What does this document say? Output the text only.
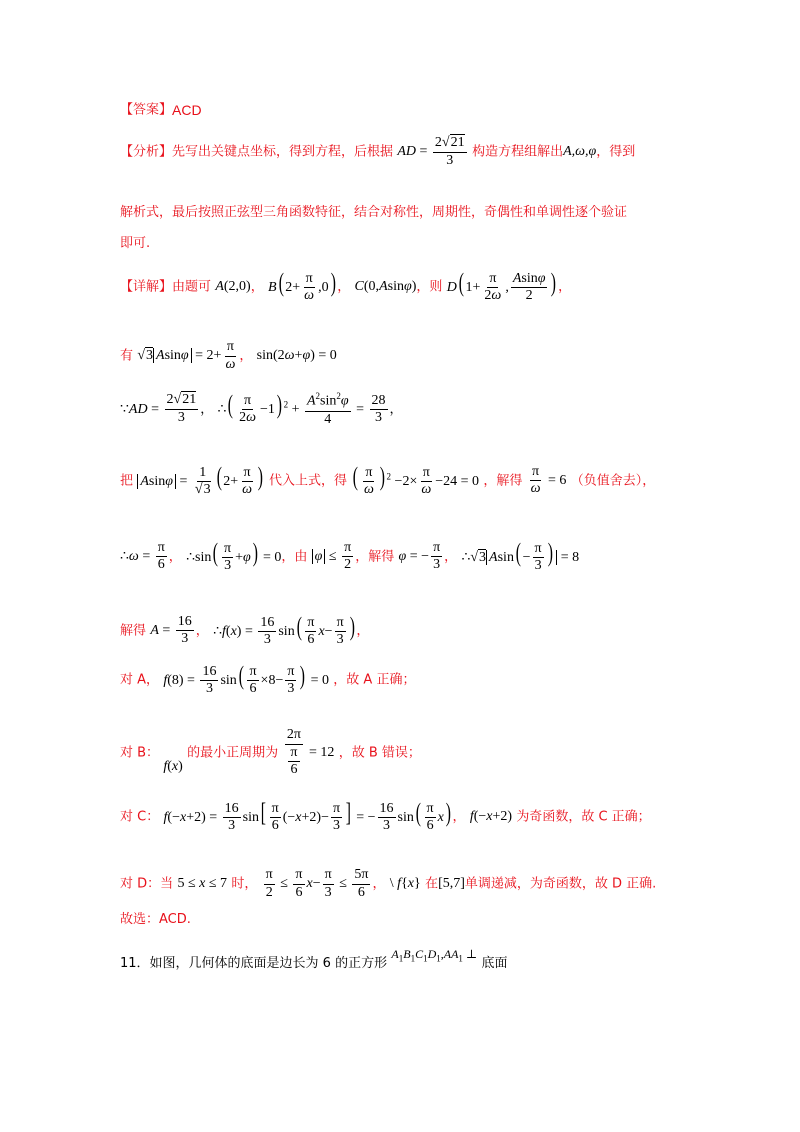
【答案】ACD
【分析】先写出关键点坐标，得到方程，后根据 AD = $\frac{2√21}{3}$ 构造方程组解出A,ω,φ，得到
解析式，最后按照正弦型三角函数特征，结合对称性，周期性，奇偶性和单调性逐个验证
即可.
【详解】由题可 A(2,0)， B( $2+ \frac{\pi}{\omega} ,0$) ， C(0,Asinφ)，则 D( $1+ \frac{\pi}{2\omega}$ , $\frac{Asin\varphi}{2}$ ) ，
有 √3 $Asin\varphi = 2+ \frac{\pi}{\omega}$ ， sin(2ω+φ) = 0
∵AD = $\frac{2√21}{3}$ ， ∴( $\frac{\pi}{2\omega} -1$) $^2 + \frac{A^2\sin^2\varphi}{4} = \frac{28}{3}$ ，
把 $Asin\varphi = \frac{1}{√3}$ ( $2+ \frac{\pi}{\omega}$ ) 代入上式，得 ( $\frac{\pi}{\omega}$ ) $^2 -2\times \frac{\pi}{\omega} -24 = 0$ ，解得 $\frac{\pi}{\omega} = 6$ （负值舍去），
∴ω = $\frac{\pi}{6}$ ， ∴sin( $\frac{\pi}{3} +\varphi) = 0$，由 $\varphi \le \frac{\pi}{2}$ ，解得 φ = − $\frac{\pi}{3}$ ， ∴√3 $Asin( - \frac{\pi}{3}$ ) = 8
解得 $A = \frac{16}{3}$ ， ∴f(x) = $\frac{16}{3} \sin( \frac{\pi}{6} x- \frac{\pi}{3}$ ) ，
对 A， $f(8) = \frac{16}{3} \sin( \frac{\pi}{6} \times 8- \frac{\pi}{3}$ ) = 0 ，故 A 正确；
对 B： f(x) 的最小正周期为 $\frac{2\pi}{\frac{\pi}{6}} = 12$ ，故 B 错误；
对 C： $f(-x+2) = \frac{16}{3} \sin[ \frac{\pi}{6} (-x+2)- \frac{\pi}{3}$ ] = − $\frac{16}{3} \sin( \frac{\pi}{6} x)$ ， f(−x+2) 为奇函数，故 C 正确；
对 D：当 5 ≤ x ≤ 7 时， $\frac{\pi}{2} \le \frac{\pi}{6} x- \frac{\pi}{3} \le \frac{5\pi}{6}$ ， \ f{x} 在[5,7]单调递减，为奇函数，故 D 正确.
故选：ACD.
11．如图，几何体的底面是边长为 6 的正方形 $A_1B_1C_1D_1,AA_1$ ⊥ 底面
